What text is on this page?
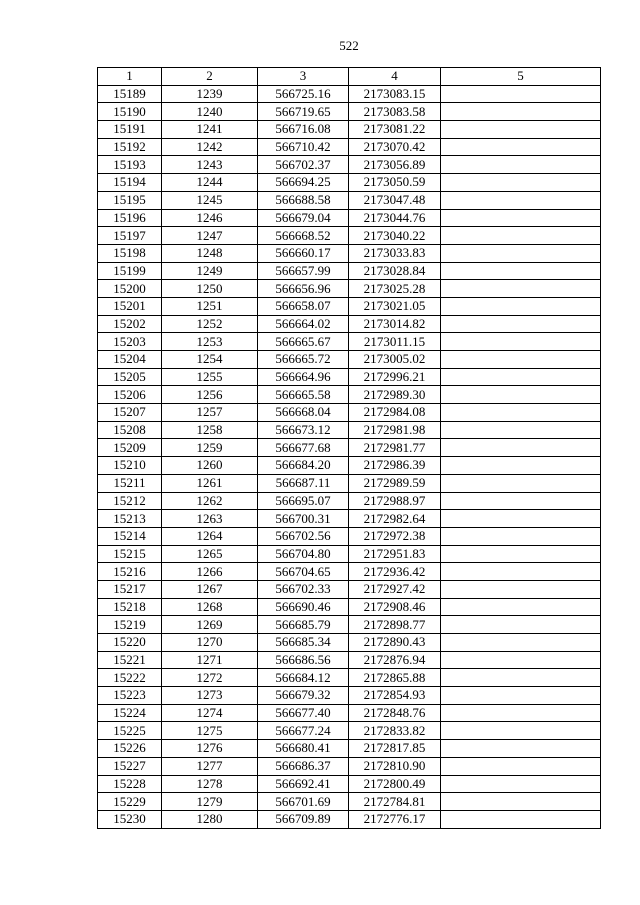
522
1	2	3	4	5
15189	1239	566725.16	2173083.15	
15190	1240	566719.65	2173083.58	
15191	1241	566716.08	2173081.22	
15192	1242	566710.42	2173070.42	
15193	1243	566702.37	2173056.89	
15194	1244	566694.25	2173050.59	
15195	1245	566688.58	2173047.48	
15196	1246	566679.04	2173044.76	
15197	1247	566668.52	2173040.22	
15198	1248	566660.17	2173033.83	
15199	1249	566657.99	2173028.84	
15200	1250	566656.96	2173025.28	
15201	1251	566658.07	2173021.05	
15202	1252	566664.02	2173014.82	
15203	1253	566665.67	2173011.15	
15204	1254	566665.72	2173005.02	
15205	1255	566664.96	2172996.21	
15206	1256	566665.58	2172989.30	
15207	1257	566668.04	2172984.08	
15208	1258	566673.12	2172981.98	
15209	1259	566677.68	2172981.77	
15210	1260	566684.20	2172986.39	
15211	1261	566687.11	2172989.59	
15212	1262	566695.07	2172988.97	
15213	1263	566700.31	2172982.64	
15214	1264	566702.56	2172972.38	
15215	1265	566704.80	2172951.83	
15216	1266	566704.65	2172936.42	
15217	1267	566702.33	2172927.42	
15218	1268	566690.46	2172908.46	
15219	1269	566685.79	2172898.77	
15220	1270	566685.34	2172890.43	
15221	1271	566686.56	2172876.94	
15222	1272	566684.12	2172865.88	
15223	1273	566679.32	2172854.93	
15224	1274	566677.40	2172848.76	
15225	1275	566677.24	2172833.82	
15226	1276	566680.41	2172817.85	
15227	1277	566686.37	2172810.90	
15228	1278	566692.41	2172800.49	
15229	1279	566701.69	2172784.81	
15230	1280	566709.89	2172776.17	
